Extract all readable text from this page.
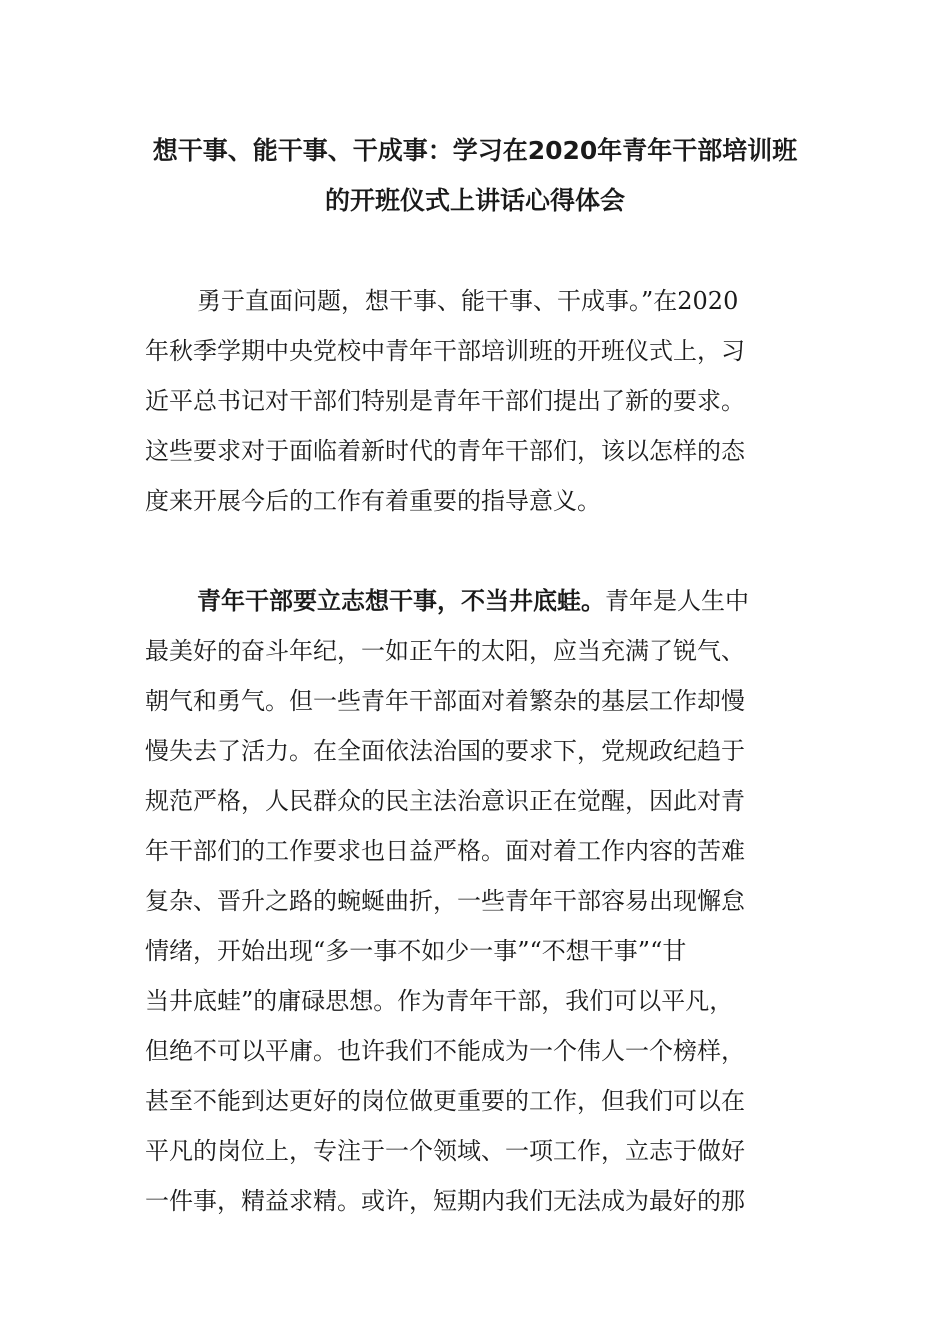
想干事、能干事、干成事：学习在2020年青年干部培训班
的开班仪式上讲话心得体会
勇于直面问题，想干事、能干事、干成事。”在2020
年秋季学期中央党校中青年干部培训班的开班仪式上，习
近平总书记对干部们特别是青年干部们提出了新的要求。
这些要求对于面临着新时代的青年干部们，该以怎样的态
度来开展今后的工作有着重要的指导意义。
青年干部要立志想干事，不当井底蛙。青年是人生中
最美好的奋斗年纪，一如正午的太阳，应当充满了锐气、
朝气和勇气。但一些青年干部面对着繁杂的基层工作却慢
慢失去了活力。在全面依法治国的要求下，党规政纪趋于
规范严格，人民群众的民主法治意识正在觉醒，因此对青
年干部们的工作要求也日益严格。面对着工作内容的苦难
复杂、晋升之路的蜿蜒曲折，一些青年干部容易出现懈怠
情绪，开始出现“多一事不如少一事”“不想干事”“甘
当井底蛙”的庸碌思想。作为青年干部，我们可以平凡，
但绝不可以平庸。也许我们不能成为一个伟人一个榜样，
甚至不能到达更好的岗位做更重要的工作，但我们可以在
平凡的岗位上，专注于一个领域、一项工作，立志于做好
一件事，精益求精。或许，短期内我们无法成为最好的那
